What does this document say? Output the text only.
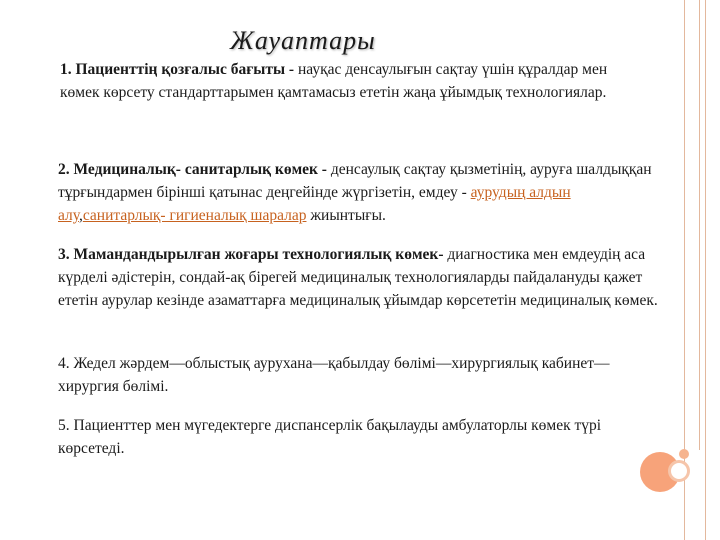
Жауаптары
1. Пациенттің қозғалыс бағыты - науқас денсаулығын сақтау үшін құралдар мен көмек көрсету стандарттарымен қамтамасыз ететін жаңа ұйымдық технологиялар.
2. Медициналық- санитарлық көмек - денсаулық сақтау қызметінің, ауруға шалдыққан тұрғындармен бірінші қатынас деңгейінде жүргізетін, емдеу - аурудың алдын алу,санитарлық- гигиеналық шаралар жиынтығы.
3. Мамандандырылған жоғары технологиялық көмек- диагностика мен емдеудің аса күрделі әдістерін, сондай-ақ бірегей медициналық технологияларды пайдалануды қажет ететін аурулар кезінде азаматтарға медициналық ұйымдар көрсететін медициналық көмек.
4. Жедел жәрдем—облыстық аурухана—қабылдау бөлімі—хирургиялық кабинет—хирургия бөлімі.
5. Пациенттер мен мүгедектерге диспансерлік бақылауды амбулаторлы көмек түрі көрсетеді.
